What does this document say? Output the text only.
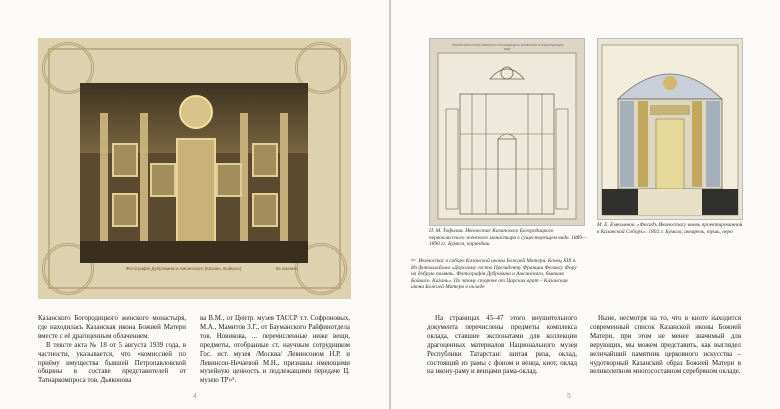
Фотографія Дубровина и Амсинскаго (Казань, Бойкаго)	въ Казани.

Казанского Богородицкого женского монастыря, где находилась Казанская икона Божией Матери вместе с её драгоценным облачением.

В тексте акта № 18 от 5 августа 1939 года, в частности, указывается, что «комиссией по приёму имущества бывшей Петропавловской общины в составе представителей от Татнаркомпроса тов. Дьяконова

ва В.М., от Центр. музея ТАССР т.т. Софроновых, М.А., Мамитов З.Г., от Бауманского Райфинотдела тов. Новикова, ... перечисленные ниже вещи, предметы, отобранные ст. научным сотрудником Гос. ист. музея /Москва/ Левинсоном Н.Р. и Левинсон-Нечаевой М.Н., признаны имеющими музейную ценность и подлежащими передаче Ц. музею ТР»⁵.

4
Чертеж иконостаса Казанского Богородицкого монастыря в существующем виде
П. М. Тофилин. Иконостас Казанского Богородицкого первоклассного женского монастыря в существующем виде. 1889—1890 гг. Бумага, карандаш
М. Е. Емельянов. «Фасадъ Иконостасу вновь проектированной в Казанской Соборъ». 1802 г. Бумага, акварель, тушь, перо
⇦ Иконостас в соборе Казанской иконы Божией Матери. Конец XIX в. Из фотоальбома «Дорогому гостю Президенту Франции Феликсу Фору на добрую память. Фотографія Дубровина и Амсинскаго, бывшая Бойкаго. Казань». По этому стороне от Царских врат – Казанская икона Божией Матери в окладе

На страницах 45–47 этого внушительного документа перечислены предметы комплекса оклада, ставшие экспонатами для коллекции драгоценных материалов Национального музея Республики Татарстан: шитая риза, оклад, состоящий из рамы с фоном и венца, киот, оклад на икону-раму и венцами рама-оклад.

Ныне, несмотря на то, что в киоте находится современный список Казанской иконы Божией Матери, при этом не менее значимый для верующих, мы можем представить, как выглядел величайший памятник церковного искусства – чудотворный Казанский образ Божией Матери в великолепном многосоставном серебряном окладе.

5
